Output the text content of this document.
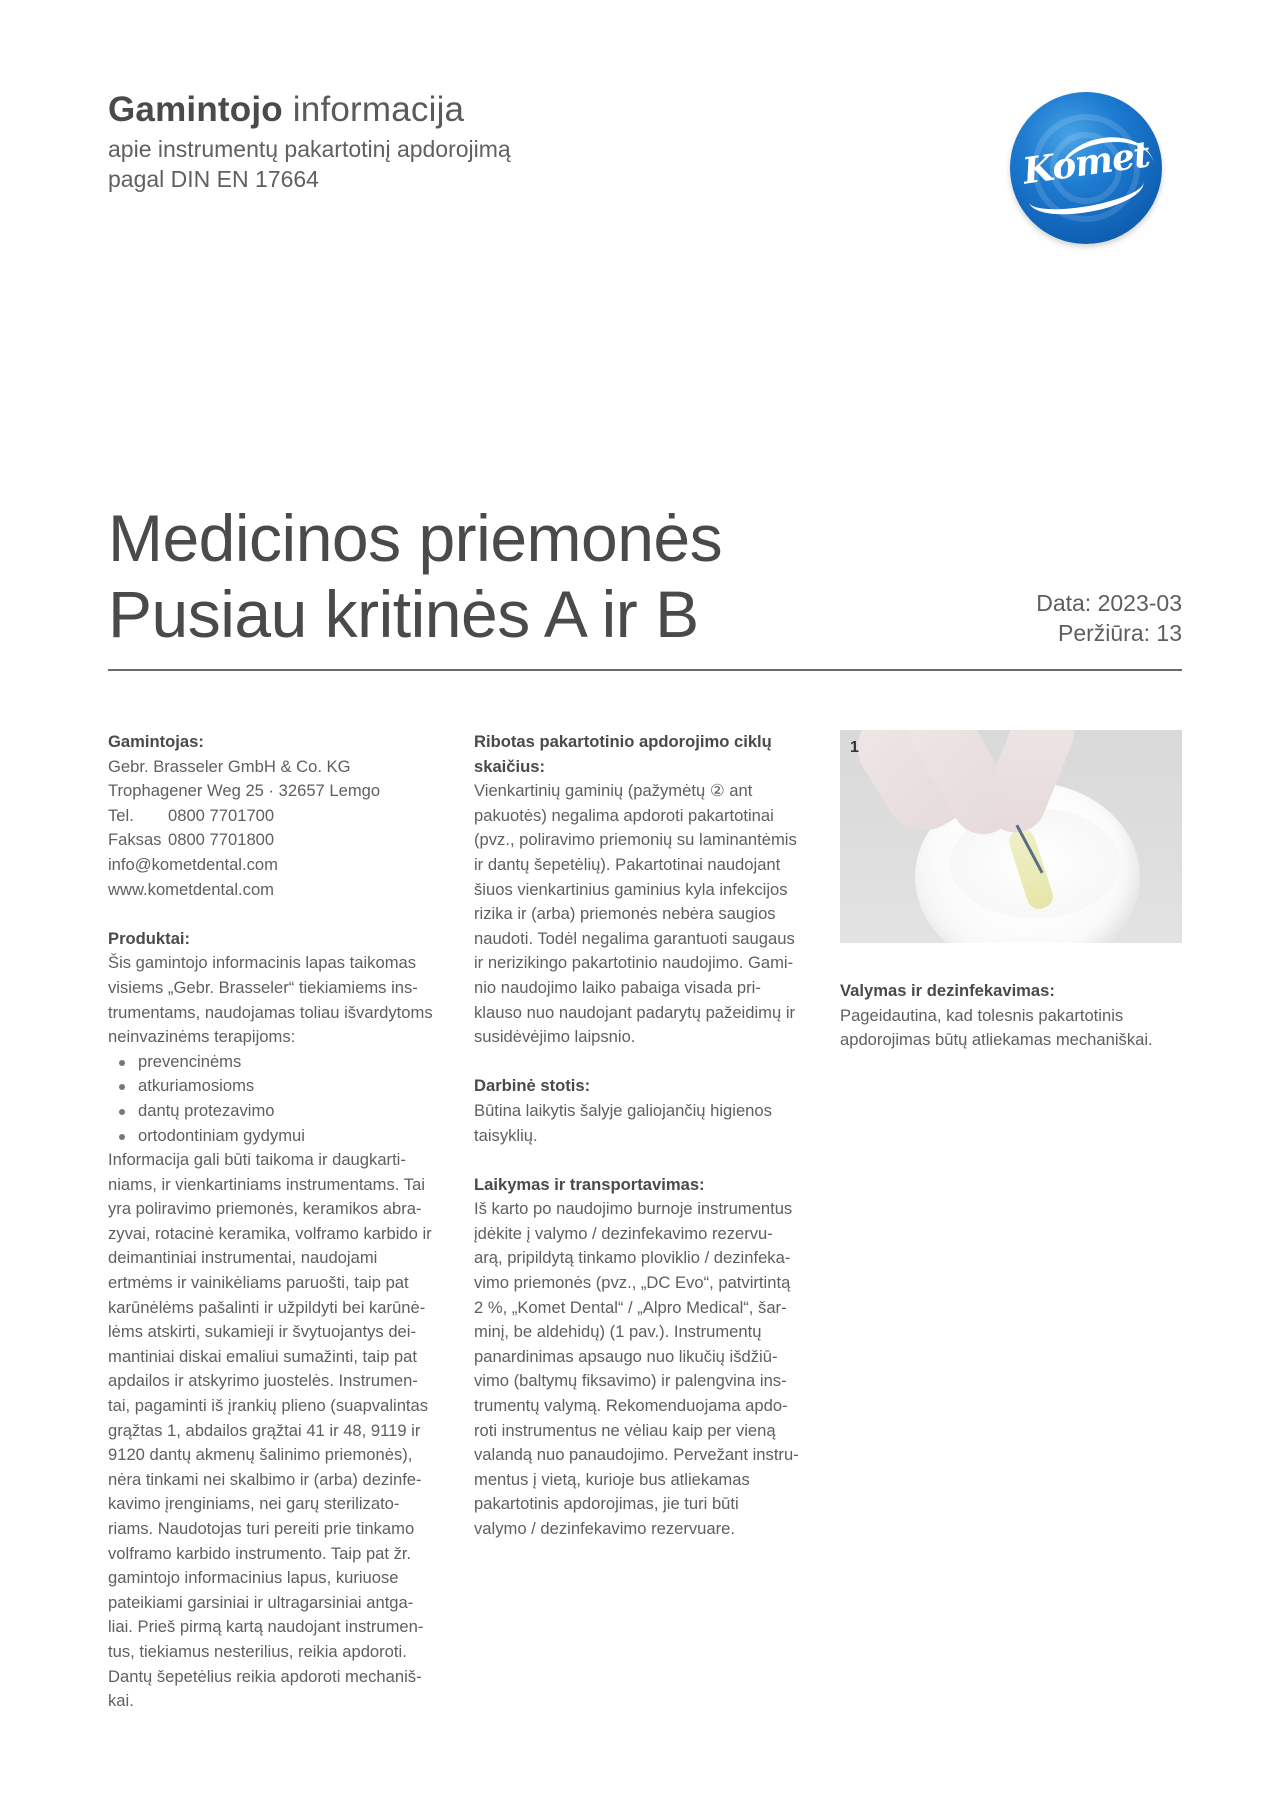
Gamintojo informacija
apie instrumentų pakartotinį apdorojimą
pagal DIN EN 17664	Komet
Medicinos priemonės
Pusiau kritinės A ir B	Data: 2023-03
Peržiūra: 13
Gamintojas:
Gebr. Brasseler GmbH & Co. KG
Trophagener Weg 25 · 32657 Lemgo
Tel. 0800 7701700
Faksas 0800 7701800
info@kometdental.com
www.kometdental.com
Produktai:
Šis gamintojo informacinis lapas taikomas
visiems „Gebr. Brasseler“ tiekiamiems ins-
trumentams, naudojamas toliau išvardytoms
neinvazinėms terapijoms:
prevencinėms
atkuriamosioms
dantų protezavimo
ortodontiniam gydymui
Informacija gali būti taikoma ir daugkarti-
niams, ir vienkartiniams instrumentams. Tai
yra poliravimo priemonės, keramikos abra-
zyvai, rotacinė keramika, volframo karbido ir
deimantiniai instrumentai, naudojami
ertmėms ir vainikėliams paruošti, taip pat
karūnėlėms pašalinti ir užpildyti bei karūnė-
lėms atskirti, sukamieji ir švytuojantys dei-
mantiniai diskai emaliui sumažinti, taip pat
apdailos ir atskyrimo juostelės. Instrumen-
tai, pagaminti iš įrankių plieno (suapvalintas
grąžtas 1, abdailos grąžtai 41 ir 48, 9119 ir
9120 dantų akmenų šalinimo priemonės),
nėra tinkami nei skalbimo ir (arba) dezinfe-
kavimo įrenginiams, nei garų sterilizato-
riams. Naudotojas turi pereiti prie tinkamo
volframo karbido instrumento. Taip pat žr.
gamintojo informacinius lapus, kuriuose
pateikiami garsiniai ir ultragarsiniai antga-
liai. Prieš pirmą kartą naudojant instrumen-
tus, tiekiamus nesterilius, reikia apdoroti.
Dantų šepetėlius reikia apdoroti mechaniš-
kai.
Ribotas pakartotinio apdorojimo ciklų
skaičius:
Vienkartinių gaminių (pažymėtų ② ant
pakuotės) negalima apdoroti pakartotinai
(pvz., poliravimo priemonių su laminantėmis
ir dantų šepetėlių). Pakartotinai naudojant
šiuos vienkartinius gaminius kyla infekcijos
rizika ir (arba) priemonės nebėra saugios
naudoti. Todėl negalima garantuoti saugaus
ir nerizikingo pakartotinio naudojimo. Gami-
nio naudojimo laiko pabaiga visada pri-
klauso nuo naudojant padarytų pažeidimų ir
susidėvėjimo laipsnio.
Darbinė stotis:
Būtina laikytis šalyje galiojančių higienos
taisyklių.
Laikymas ir transportavimas:
Iš karto po naudojimo burnoje instrumentus
įdėkite į valymo / dezinfekavimo rezervu-
arą, pripildytą tinkamo ploviklio / dezinfeka-
vimo priemonės (pvz., „DC Evo“, patvirtintą
2 %, „Komet Dental“ / „Alpro Medical“, šar-
minį, be aldehidų) (1 pav.). Instrumentų
panardinimas apsaugo nuo likučių išdžiū-
vimo (baltymų fiksavimo) ir palengvina ins-
trumentų valymą. Rekomenduojama apdo-
roti instrumentus ne vėliau kaip per vieną
valandą nuo panaudojimo. Pervežant instru-
mentus į vietą, kurioje bus atliekamas
pakartotinis apdorojimas, jie turi būti
valymo / dezinfekavimo rezervuare.
1
Valymas ir dezinfekavimas:
Pageidautina, kad tolesnis pakartotinis
apdorojimas būtų atliekamas mechaniškai.
